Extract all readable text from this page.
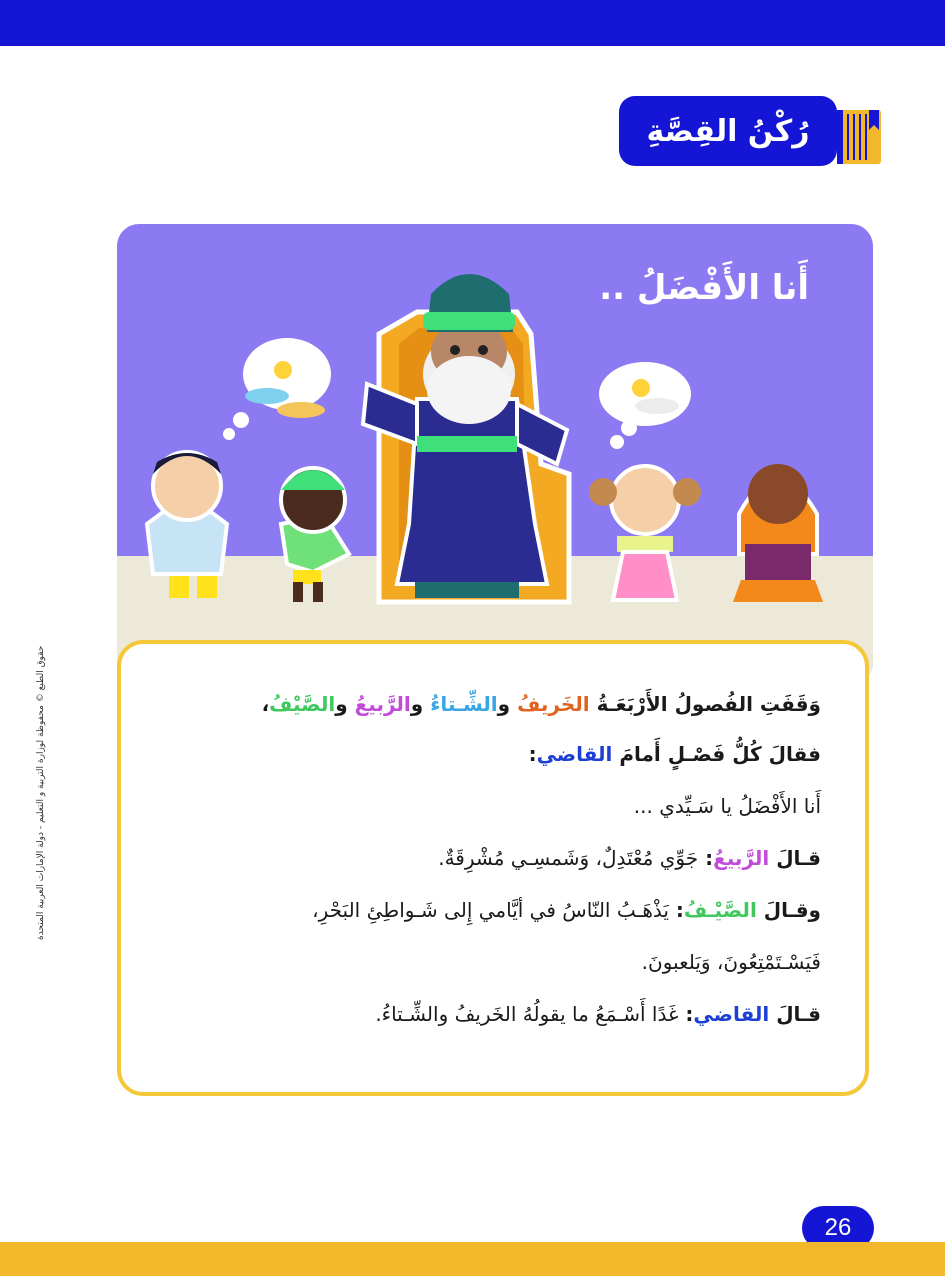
رُكْنُ القِصَّةِ
أَنا الأَفْضَلُ ..
وَقَفَتِ الفُصولُ الأَرْبَعَـةُ الخَريفُ والشِّـتاءُ والرَّبيعُ والصَّيْفُ،
فقالَ كُلُّ فَصْـلٍ أَمامَ القاضي:
أَنا الأَفْضَلُ يا سَـيِّدي ...
قـالَ الرَّبيعُ: جَوِّي مُعْتَدِلٌ، وَشَمسِـي مُشْرِقَةٌ.
وقـالَ الصَّيْـفُ: يَذْهَـبُ النّاسُ في أيَّامي إِلى شَـواطِئِ البَحْرِ،
فَيَسْـتَمْتِعُونَ، وَيَلعبونَ.
قـالَ القاضي: غَدًا أَسْـمَعُ ما يقولُهُ الخَريفُ والشِّـتاءُ.
حقوق الطبع © محفوظة لوزارة التربية و التعليم - دولة الإمارات العربية المتحدة
26
